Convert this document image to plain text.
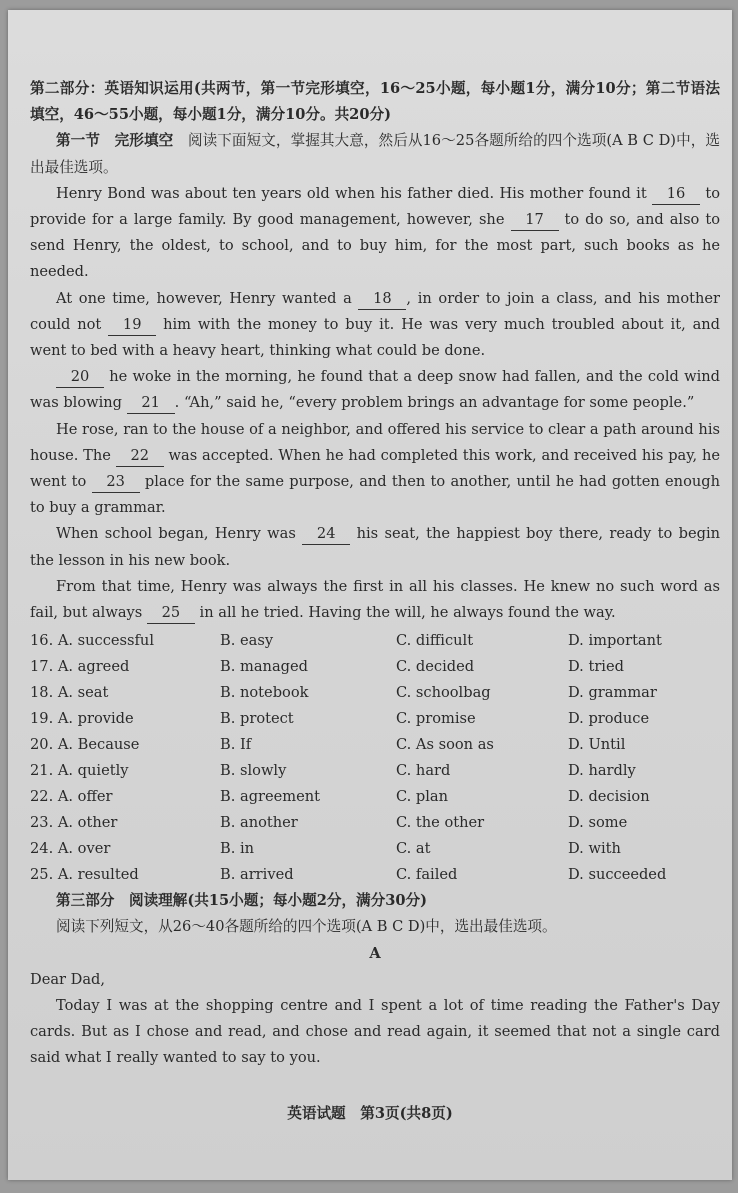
第二部分：英语知识运用(共两节，第一节完形填空，16～25小题，每小题1分，满分10分；第二节语法填空，46～55小题，每小题1分，满分10分。共20分)

第一节　完形填空　 阅读下面短文，掌握其大意，然后从16～25各题所给的四个选项(A B C D)中，选出最佳选项。

Henry Bond was about ten years old when his father died. His mother found it 16 to provide for a large family. By good management, however, she 17 to do so, and also to send Henry, the oldest, to school, and to buy him, for the most part, such books as he needed.

At one time, however, Henry wanted a 18 , in order to join a class, and his mother could not 19 him with the money to buy it. He was very much troubled about it, and went to bed with a heavy heart, thinking what could be done.

20 he woke in the morning, he found that a deep snow had fallen, and the cold wind was blowing 21 . “Ah,” said he, “every problem brings an advantage for some people.”

He rose, ran to the house of a neighbor, and offered his service to clear a path around his house. The 22 was accepted. When he had completed this work, and received his pay, he went to 23 place for the same purpose, and then to another, until he had gotten enough to buy a grammar.

When school began, Henry was 24 his seat, the happiest boy there, ready to begin the lesson in his new book.

From that time, Henry was always the first in all his classes. He knew no such word as fail, but always 25 in all he tried. Having the will, he always found the way.

16. A. successful	B. easy	C. difficult	D. important
17. A. agreed	B. managed	C. decided	D. tried
18. A. seat	B. notebook	C. schoolbag	D. grammar
19. A. provide	B. protect	C. promise	D. produce
20. A. Because	B. If	C. As soon as	D. Until
21. A. quietly	B. slowly	C. hard	D. hardly
22. A. offer	B. agreement	C. plan	D. decision
23. A. other	B. another	C. the other	D. some
24. A. over	B. in	C. at	D. with
25. A. resulted	B. arrived	C. failed	D. succeeded

第三部分　阅读理解(共15小题；每小题2分，满分30分)

阅读下列短文，从26～40各题所给的四个选项(A B C D)中，选出最佳选项。

A

Dear Dad,

Today I was at the shopping centre and I spent a lot of time reading the Father's Day cards. But as I chose and read, and chose and read again, it seemed that not a single card said what I really wanted to say to you.

英语试题　第3页(共8页)
